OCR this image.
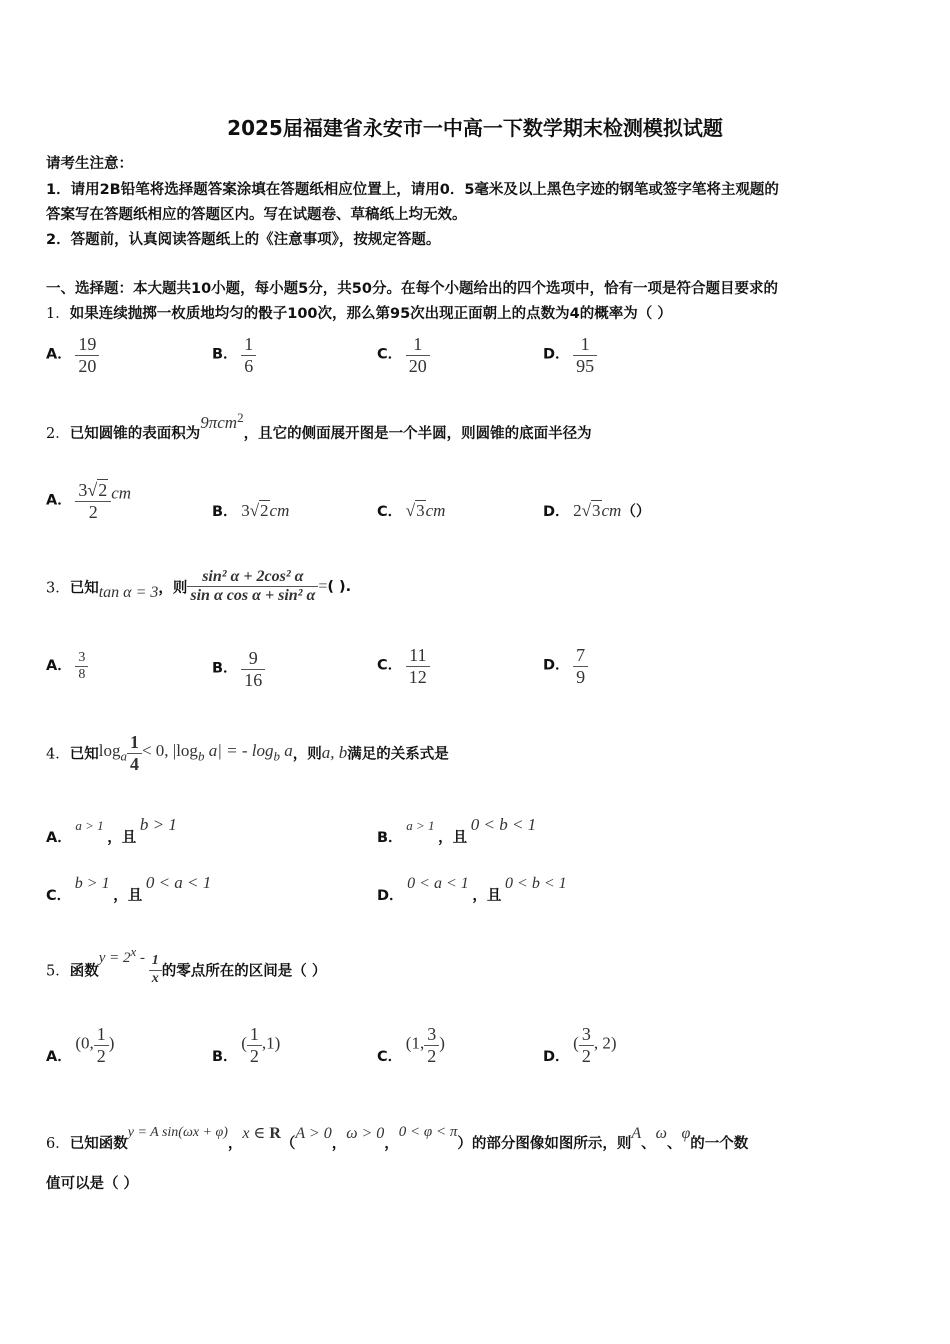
2025届福建省永安市一中高一下数学期末检测模拟试题
请考生注意：
1．请用2B铅笔将选择题答案涂填在答题纸相应位置上，请用0．5毫米及以上黑色字迹的钢笔或签字笔将主观题的
答案写在答题纸相应的答题区内。写在试题卷、草稿纸上均无效。
2．答题前，认真阅读答题纸上的《注意事项》，按规定答题。
一、选择题：本大题共10小题，每小题5分，共50分。在每个小题给出的四个选项中，恰有一项是符合题目要求的
1．如果连续抛掷一枚质地均匀的骰子100次，那么第95次出现正面朝上的点数为4的概率为（ ）
A． $\frac{19}{20}$	B． $\frac{1}{6}$	C． $\frac{1}{20}$	D． $\frac{1}{95}$
2．已知圆锥的表面积为9πcm$^2$，且它的侧面展开图是一个半圆，则圆锥的底面半径为
A． $\frac{3√2}{2}$ cm
B． 3√2cm	C． √3cm	D． 2√3cm（）
3．已知tan α = 3，则 $\frac{\text{sin² α + 2cos² α}}{\text{sin α cos α + sin² α}}$ =( ).
A． $\frac{3}{8}$	B． $\frac{9}{16}$	C． $\frac{11}{12}$	D． $\frac{7}{9}$
4．已知$\log_a \frac{1}{4} < 0$, $|\log_b$ a| = - $\log_b a$，则a, b满足的关系式是
A． a > 1 ，且 b > 1
B． a > 1 ，且 0 < b < 1
C． b > 1 ，且 0 < a < 1
D． 0 < a < 1 ，且 0 < b < 1
5．函数$y = 2^x - \frac{1}{x}$ 的零点所在的区间是（ ）
A． (0, $\frac{1}{2}$ )
B． ( $\frac{1}{2} ,1$)
C． (1, $\frac{3}{2}$ )
D． ( $\frac{3}{2}$ , 2)
6．已知函数y = A sin(ωx + φ)，x ∈ R（A > 0，ω > 0，0 < φ < π）的部分图像如图所示，则A、ω、φ的一个数
值可以是（ ）
